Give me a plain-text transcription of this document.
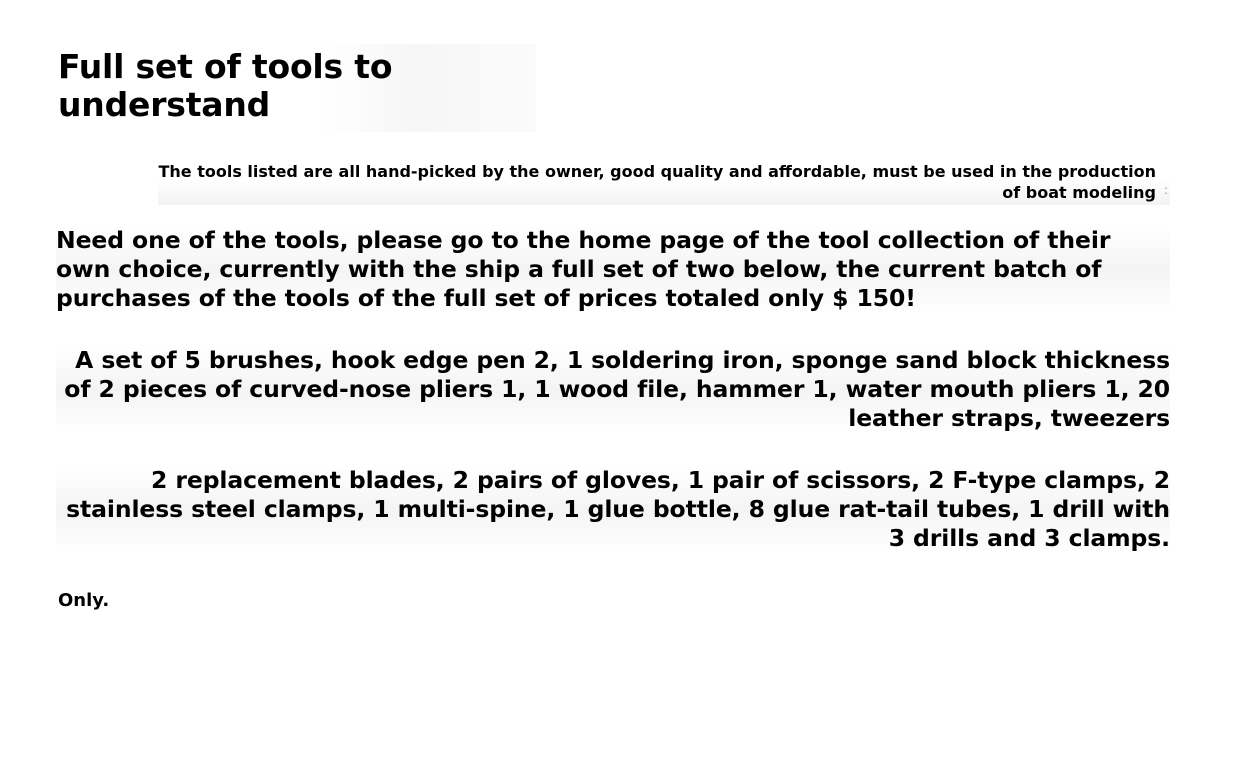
Full set of tools to understand

The tools listed are all hand-picked by the owner, good quality and affordable, must be used in the production of boat modeling :

Need one of the tools, please go to the home page of the tool collection of their own choice, currently with the ship a full set of two below, the current batch of purchases of the tools of the full set of prices totaled only $ 150!

A set of 5 brushes, hook edge pen 2, 1 soldering iron, sponge sand block thickness of 2 pieces of curved-nose pliers 1, 1 wood file, hammer 1, water mouth pliers 1, 20 leather straps, tweezers

2 replacement blades, 2 pairs of gloves, 1 pair of scissors, 2 F-type clamps, 2 stainless steel clamps, 1 multi-spine, 1 glue bottle, 8 glue rat-tail tubes, 1 drill with 3 drills and 3 clamps.

Only.
